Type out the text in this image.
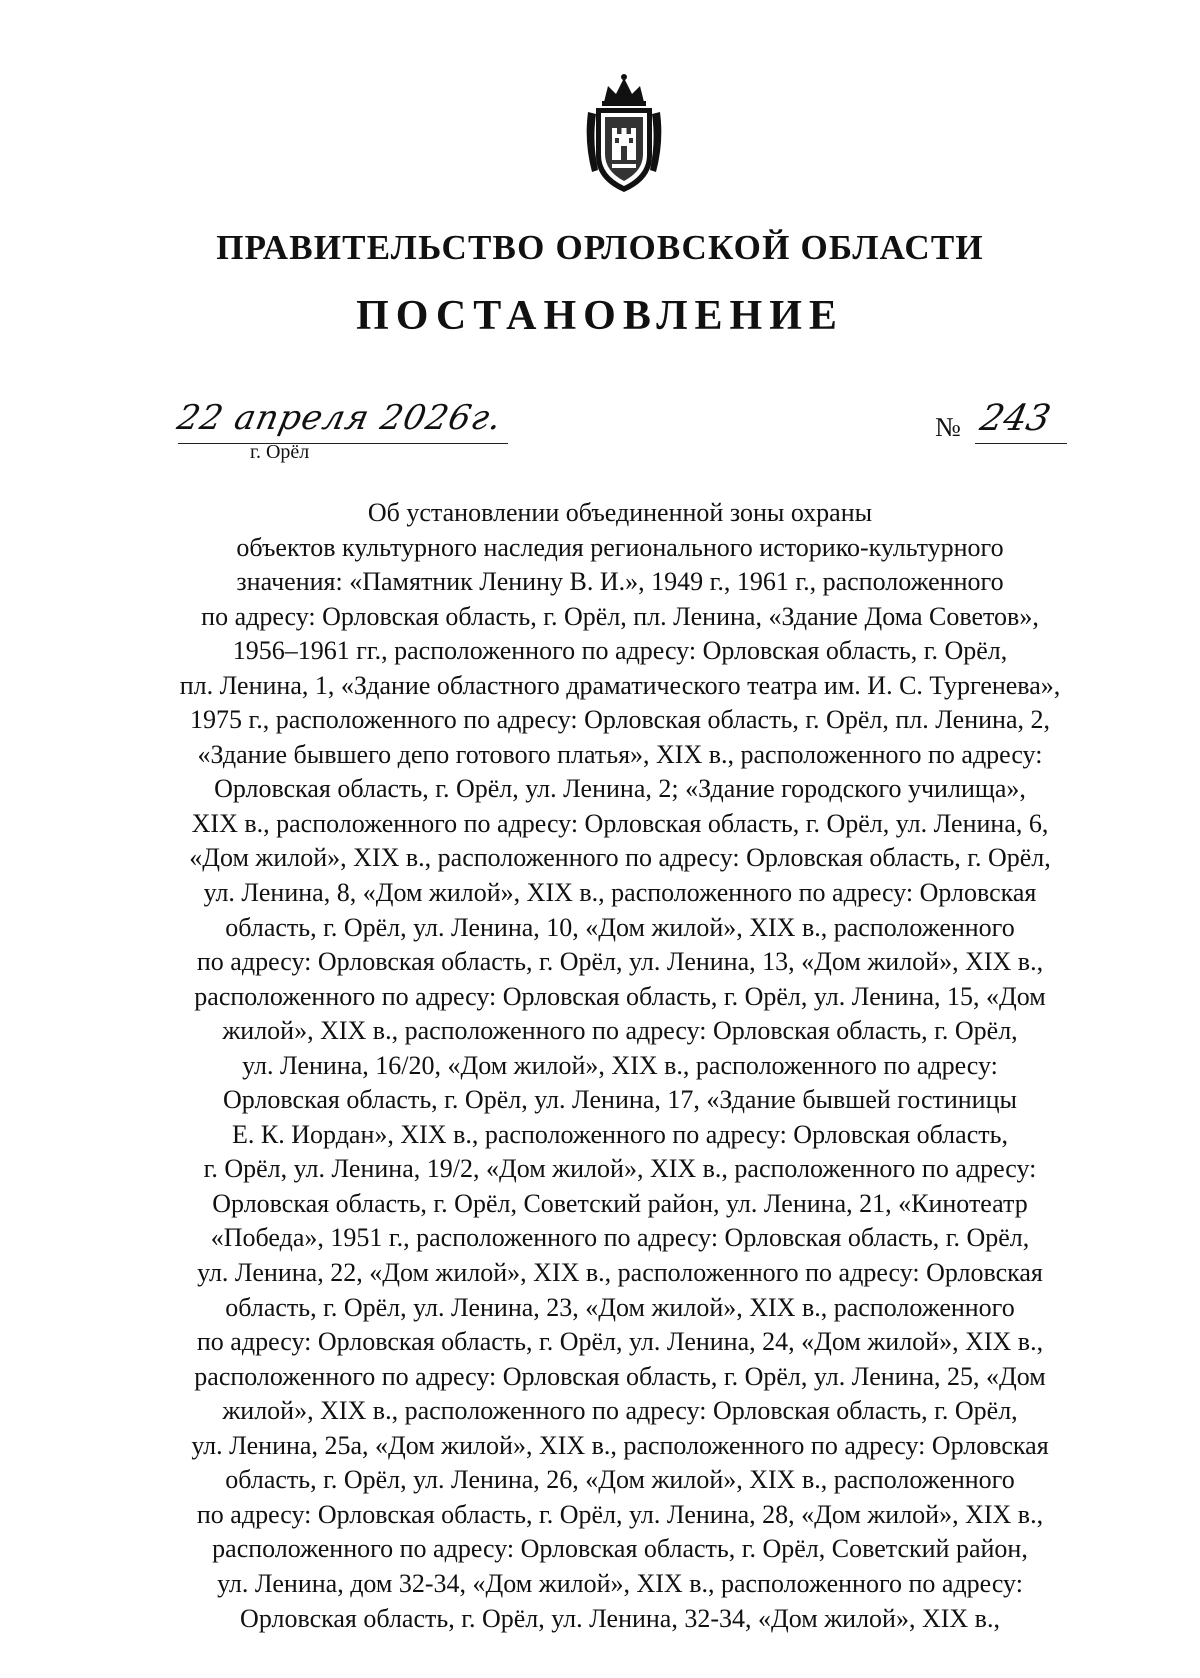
ПРАВИТЕЛЬСТВО ОРЛОВСКОЙ ОБЛАСТИ
ПОСТАНОВЛЕНИЕ
22 апреля 2026г.
г. Орёл
№ 243
Об установлении объединенной зоны охраны
объектов культурного наследия регионального историко-культурного
значения: «Памятник Ленину В. И.», 1949 г., 1961 г., расположенного
по адресу: Орловская область, г. Орёл, пл. Ленина, «Здание Дома Советов»,
1956–1961 гг., расположенного по адресу: Орловская область, г. Орёл,
пл. Ленина, 1, «Здание областного драматического театра им. И. С. Тургенева»,
1975 г., расположенного по адресу: Орловская область, г. Орёл, пл. Ленина, 2,
«Здание бывшего депо готового платья», XIX в., расположенного по адресу:
Орловская область, г. Орёл, ул. Ленина, 2; «Здание городского училища»,
XIX в., расположенного по адресу: Орловская область, г. Орёл, ул. Ленина, 6,
«Дом жилой», XIX в., расположенного по адресу: Орловская область, г. Орёл,
ул. Ленина, 8, «Дом жилой», XIX в., расположенного по адресу: Орловская
область, г. Орёл, ул. Ленина, 10, «Дом жилой», XIX в., расположенного
по адресу: Орловская область, г. Орёл, ул. Ленина, 13, «Дом жилой», XIX в.,
расположенного по адресу: Орловская область, г. Орёл, ул. Ленина, 15, «Дом
жилой», XIX в., расположенного по адресу: Орловская область, г. Орёл,
ул. Ленина, 16/20, «Дом жилой», XIX в., расположенного по адресу:
Орловская область, г. Орёл, ул. Ленина, 17, «Здание бывшей гостиницы
Е. К. Иордан», XIX в., расположенного по адресу: Орловская область,
г. Орёл, ул. Ленина, 19/2, «Дом жилой», XIX в., расположенного по адресу:
Орловская область, г. Орёл, Советский район, ул. Ленина, 21, «Кинотеатр
«Победа», 1951 г., расположенного по адресу: Орловская область, г. Орёл,
ул. Ленина, 22, «Дом жилой», XIX в., расположенного по адресу: Орловская
область, г. Орёл, ул. Ленина, 23, «Дом жилой», XIX в., расположенного
по адресу: Орловская область, г. Орёл, ул. Ленина, 24, «Дом жилой», XIX в.,
расположенного по адресу: Орловская область, г. Орёл, ул. Ленина, 25, «Дом
жилой», XIX в., расположенного по адресу: Орловская область, г. Орёл,
ул. Ленина, 25а, «Дом жилой», XIX в., расположенного по адресу: Орловская
область, г. Орёл, ул. Ленина, 26, «Дом жилой», XIX в., расположенного
по адресу: Орловская область, г. Орёл, ул. Ленина, 28, «Дом жилой», XIX в.,
расположенного по адресу: Орловская область, г. Орёл, Советский район,
ул. Ленина, дом 32-34, «Дом жилой», XIX в., расположенного по адресу:
Орловская область, г. Орёл, ул. Ленина, 32-34, «Дом жилой», XIX в.,
